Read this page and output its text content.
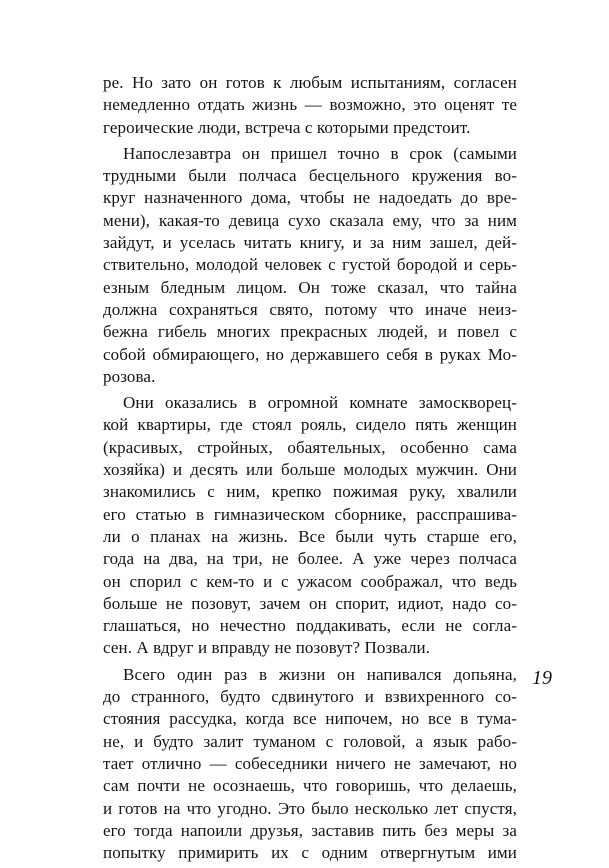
ре. Но зато он готов к любым испытаниям, согласен
немедленно отдать жизнь — возможно, это оценят те
героические люди, встреча с которыми предстоит.
Напослезавтра он пришел точно в срок (самыми
трудными были полчаса бесцельного кружения во-
круг назначенного дома, чтобы не надоедать до вре-
мени), какая-то девица сухо сказала ему, что за ним
зайдут, и уселась читать книгу, и за ним зашел, дей-
ствительно, молодой человек с густой бородой и серь-
езным бледным лицом. Он тоже сказал, что тайна
должна сохраняться свято, потому что иначе неиз-
бежна гибель многих прекрасных людей, и повел с
собой обмирающего, но державшего себя в руках Мо-
розова.
Они оказались в огромной комнате замоскворец-
кой квартиры, где стоял рояль, сидело пять женщин
(красивых, стройных, обаятельных, особенно сама
хозяйка) и десять или больше молодых мужчин. Они
знакомились с ним, крепко пожимая руку, хвалили
его статью в гимназическом сборнике, расспрашива-
ли о планах на жизнь. Все были чуть старше его,
года на два, на три, не более. А уже через полчаса
он спорил с кем-то и с ужасом соображал, что ведь
больше не позовут, зачем он спорит, идиот, надо со-
глашаться, но нечестно поддакивать, если не согла-
сен. А вдруг и вправду не позовут? Позвали.
Всего один раз в жизни он напивался допьяна,
до странного, будто сдвинутого и взвихренного со-
стояния рассудка, когда все нипочем, но все в тума-
не, и будто залит туманом с головой, а язык рабо-
тает отлично — собеседники ничего не замечают, но
сам почти не осознаешь, что говоришь, что делаешь,
и готов на что угодно. Это было несколько лет спустя,
его тогда напоили друзья, заставив пить без меры за
попытку примирить их с одним отвергнутым ими
19
